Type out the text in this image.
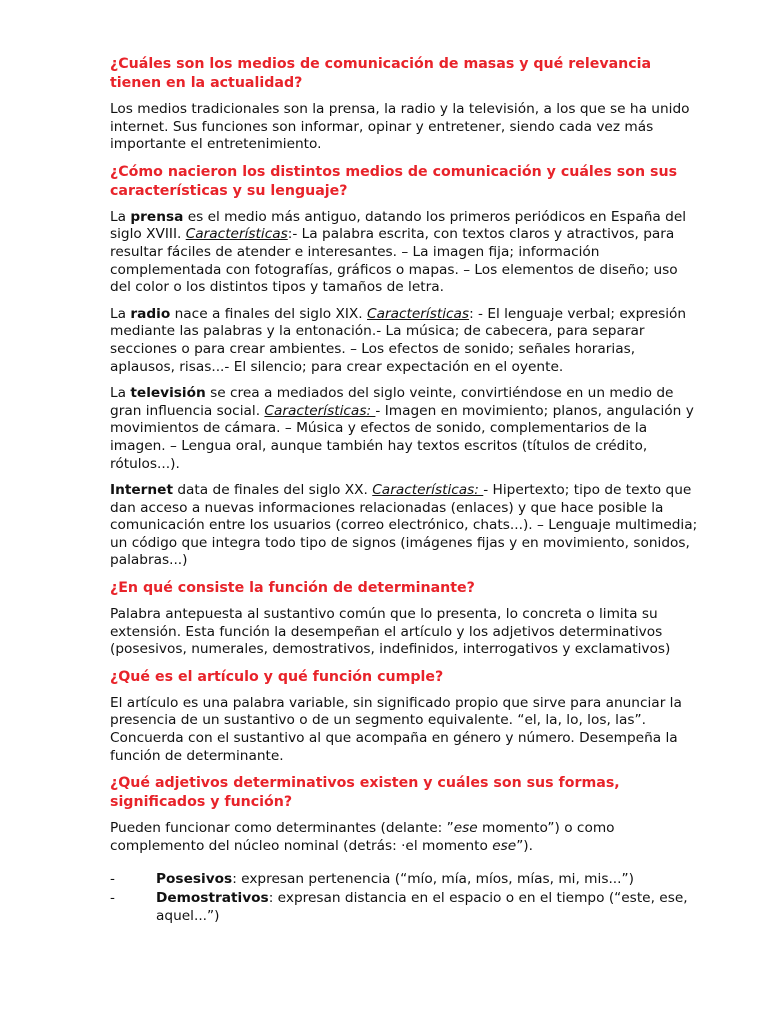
¿Cuáles son los medios de comunicación de masas y qué relevancia tienen en la actualidad?
Los medios tradicionales son la prensa, la radio y la televisión, a los que se ha unido internet. Sus funciones son informar, opinar y entretener, siendo cada vez más importante el entretenimiento.
¿Cómo nacieron los distintos medios de comunicación y cuáles son sus características y su lenguaje?
La prensa es el medio más antiguo, datando los primeros periódicos en España del siglo XVIII. Características:- La palabra escrita, con textos claros y atractivos, para resultar fáciles de atender e interesantes. – La imagen fija; información complementada con fotografías, gráficos o mapas. – Los elementos de diseño; uso del color o los distintos tipos y tamaños de letra.
La radio nace a finales del siglo XIX. Características: - El lenguaje verbal; expresión mediante las palabras y la entonación.- La música; de cabecera, para separar secciones o para crear ambientes. – Los efectos de sonido; señales horarias, aplausos, risas...- El silencio; para crear expectación en el oyente.
La televisión se crea a mediados del siglo veinte, convirtiéndose en un medio de gran influencia social. Características: - Imagen en movimiento; planos, angulación y movimientos de cámara. – Música y efectos de sonido, complementarios de la imagen. – Lengua oral, aunque también hay textos escritos (títulos de crédito, rótulos...).
Internet data de finales del siglo XX. Características: - Hipertexto; tipo de texto que dan acceso a nuevas informaciones relacionadas (enlaces) y que hace posible la comunicación entre los usuarios (correo electrónico, chats...). – Lenguaje multimedia; un código que integra todo tipo de signos (imágenes fijas y en movimiento, sonidos, palabras...)
¿En qué consiste la función de determinante?
Palabra antepuesta al sustantivo común que lo presenta, lo concreta o limita su extensión. Esta función la desempeñan el artículo y los adjetivos determinativos (posesivos, numerales, demostrativos, indefinidos, interrogativos y exclamativos)
¿Qué es el artículo y qué función cumple?
El artículo es una palabra variable, sin significado propio que sirve para anunciar la presencia de un sustantivo o de un segmento equivalente. “el, la, lo, los, las”. Concuerda con el sustantivo al que acompaña en género y número. Desempeña la función de determinante.
¿Qué adjetivos determinativos existen y cuáles son sus formas, significados y función?
Pueden funcionar como determinantes (delante: ”ese momento”) o como complemento del núcleo nominal (detrás: ·el momento ese”).
-	Posesivos: expresan pertenencia (“mío, mía, míos, mías, mi, mis...”)
-	Demostrativos: expresan distancia en el espacio o en el tiempo (“este, ese, aquel...”)
